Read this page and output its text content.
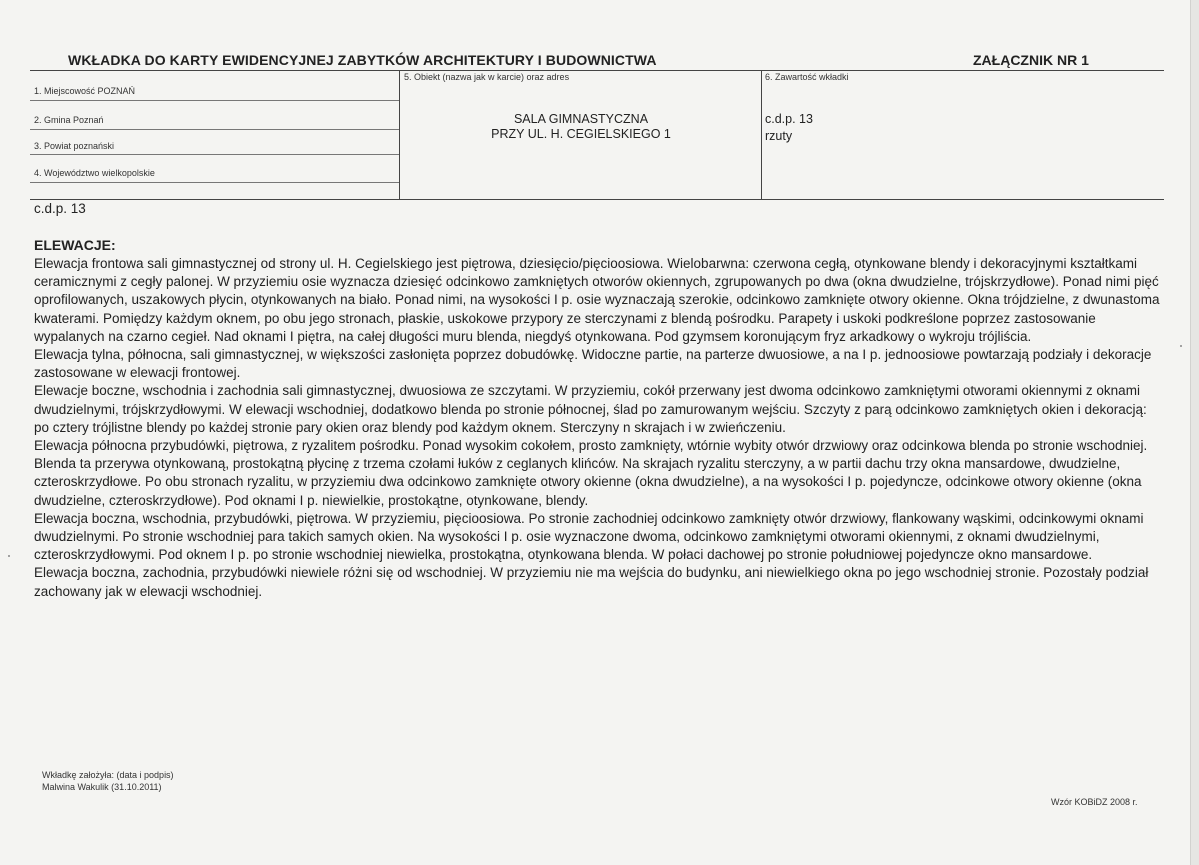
WKŁADKA DO KARTY EWIDENCYJNEJ ZABYTKÓW ARCHITEKTURY I BUDOWNICTWA	ZAŁĄCZNIK NR 1
1. Miejscowość POZNAŃ
2. Gmina Poznań
3. Powiat poznański
4. Województwo wielkopolskie
5. Obiekt (nazwa jak w karcie) oraz adres
SALA GIMNASTYCZNA
PRZY UL. H. CEGIELSKIEGO 1
6. Zawartość wkładki
c.d.p. 13
rzuty
c.d.p. 13
ELEWACJE:

Elewacja frontowa sali gimnastycznej od strony ul. H. Cegielskiego jest piętrowa, dziesięcio/pięcioosiowa. Wielobarwna: czerwona cegłą, otynkowane blendy i dekoracyjnymi kształtkami ceramicznymi z cegły palonej. W przyziemiu osie wyznacza dziesięć odcinkowo zamkniętych otworów okiennych, zgrupowanych po dwa (okna dwudzielne, trójskrzydłowe). Ponad nimi pięć oprofilowanych, uszakowych płycin, otynkowanych na biało. Ponad nimi, na wysokości I p. osie wyznaczają szerokie, odcinkowo zamknięte otwory okienne. Okna trójdzielne, z dwunastoma kwaterami. Pomiędzy każdym oknem, po obu jego stronach, płaskie, uskokowe przypory ze sterczynami z blendą pośrodku. Parapety i uskoki podkreślone poprzez zastosowanie wypalanych na czarno cegieł. Nad oknami I piętra, na całej długości muru blenda, niegdyś otynkowana. Pod gzymsem koronującym fryz arkadkowy o wykroju trójliścia.

Elewacja tylna, północna, sali gimnastycznej, w większości zasłonięta poprzez dobudówkę. Widoczne partie, na parterze dwuosiowe, a na I p. jednoosiowe powtarzają podziały i dekoracje zastosowane w elewacji frontowej.

Elewacje boczne, wschodnia i zachodnia sali gimnastycznej, dwuosiowa ze szczytami. W przyziemiu, cokół przerwany jest dwoma odcinkowo zamkniętymi otworami okiennymi z oknami dwudzielnymi, trójskrzydłowymi. W elewacji wschodniej, dodatkowo blenda po stronie północnej, ślad po zamurowanym wejściu. Szczyty z parą odcinkowo zamkniętych okien i dekoracją: po cztery trójlistne blendy po każdej stronie pary okien oraz blendy pod każdym oknem. Sterczyny n skrajach i w zwieńczeniu.

Elewacja północna przybudówki, piętrowa, z ryzalitem pośrodku. Ponad wysokim cokołem, prosto zamknięty, wtórnie wybity otwór drzwiowy oraz odcinkowa blenda po stronie wschodniej. Blenda ta przerywa otynkowaną, prostokątną płycinę z trzema czołami łuków z ceglanych klińców. Na skrajach ryzalitu sterczyny, a w partii dachu trzy okna mansardowe, dwudzielne, czteroskrzydłowe. Po obu stronach ryzalitu, w przyziemiu dwa odcinkowo zamknięte otwory okienne (okna dwudzielne), a na wysokości I p. pojedyncze, odcinkowe otwory okienne (okna dwudzielne, czteroskrzydłowe). Pod oknami I p. niewielkie, prostokątne, otynkowane, blendy.

Elewacja boczna, wschodnia, przybudówki, piętrowa. W przyziemiu, pięcioosiowa. Po stronie zachodniej odcinkowo zamknięty otwór drzwiowy, flankowany wąskimi, odcinkowymi oknami dwudzielnymi. Po stronie wschodniej para takich samych okien. Na wysokości I p. osie wyznaczone dwoma, odcinkowo zamkniętymi otworami okiennymi, z oknami dwudzielnymi, czteroskrzydłowymi. Pod oknem I p. po stronie wschodniej niewielka, prostokątna, otynkowana blenda. W połaci dachowej po stronie południowej pojedyncze okno mansardowe.

Elewacja boczna, zachodnia, przybudówki niewiele różni się od wschodniej. W przyziemiu nie ma wejścia do budynku, ani niewielkiego okna po jego wschodniej stronie. Pozostały podział zachowany jak w elewacji wschodniej.

Wkładkę założyła: (data i podpis)
Malwina Wakulik (31.10.2011)
Wzór KOBiDZ 2008 r.
